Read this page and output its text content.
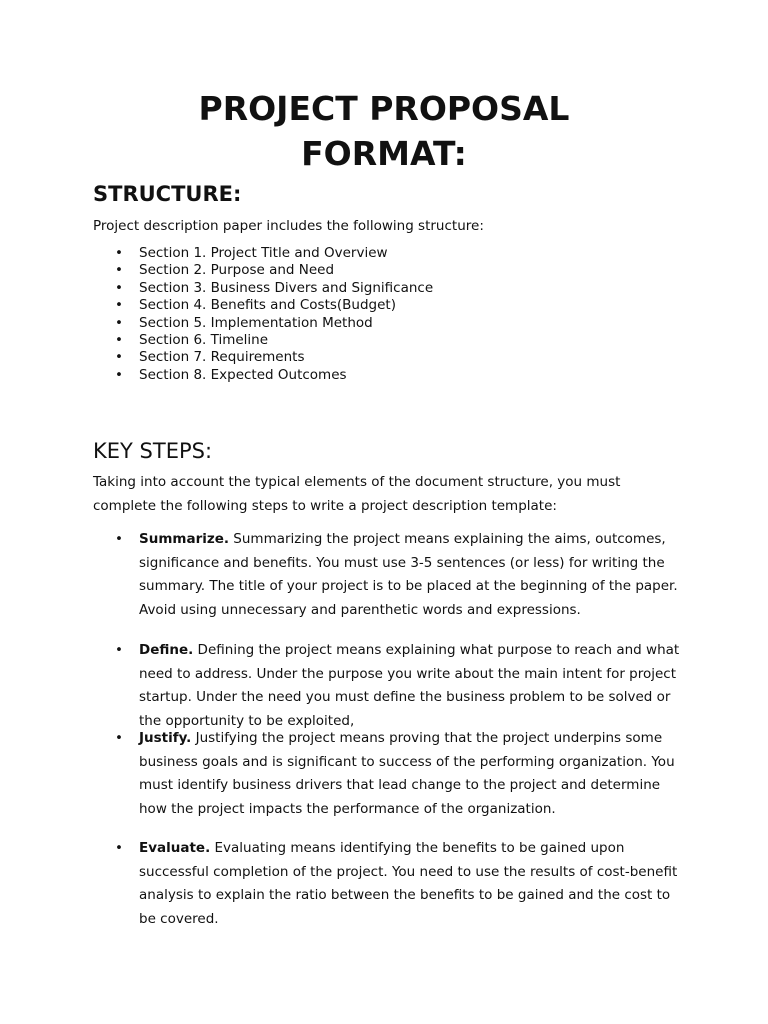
PROJECT PROPOSAL
FORMAT:
STRUCTURE:

Project description paper includes the following structure:

• Section 1. Project Title and Overview
• Section 2. Purpose and Need
• Section 3. Business Divers and Significance
• Section 4. Benefits and Costs(Budget)
• Section 5. Implementation Method
• Section 6. Timeline
• Section 7. Requirements
• Section 8. Expected Outcomes
KEY STEPS:

Taking into account the typical elements of the document structure, you must complete the following steps to write a project description template:

• Summarize. Summarizing the project means explaining the aims, outcomes, significance and benefits. You must use 3-5 sentences (or less) for writing the summary. The title of your project is to be placed at the beginning of the paper. Avoid using unnecessary and parenthetic words and expressions.
• Define. Defining the project means explaining what purpose to reach and what need to address. Under the purpose you write about the main intent for project startup. Under the need you must define the business problem to be solved or the opportunity to be exploited,
• Justify. Justifying the project means proving that the project underpins some business goals and is significant to success of the performing organization. You must identify business drivers that lead change to the project and determine how the project impacts the performance of the organization.
• Evaluate. Evaluating means identifying the benefits to be gained upon successful completion of the project. You need to use the results of cost-benefit analysis to explain the ratio between the benefits to be gained and the cost to be covered.
